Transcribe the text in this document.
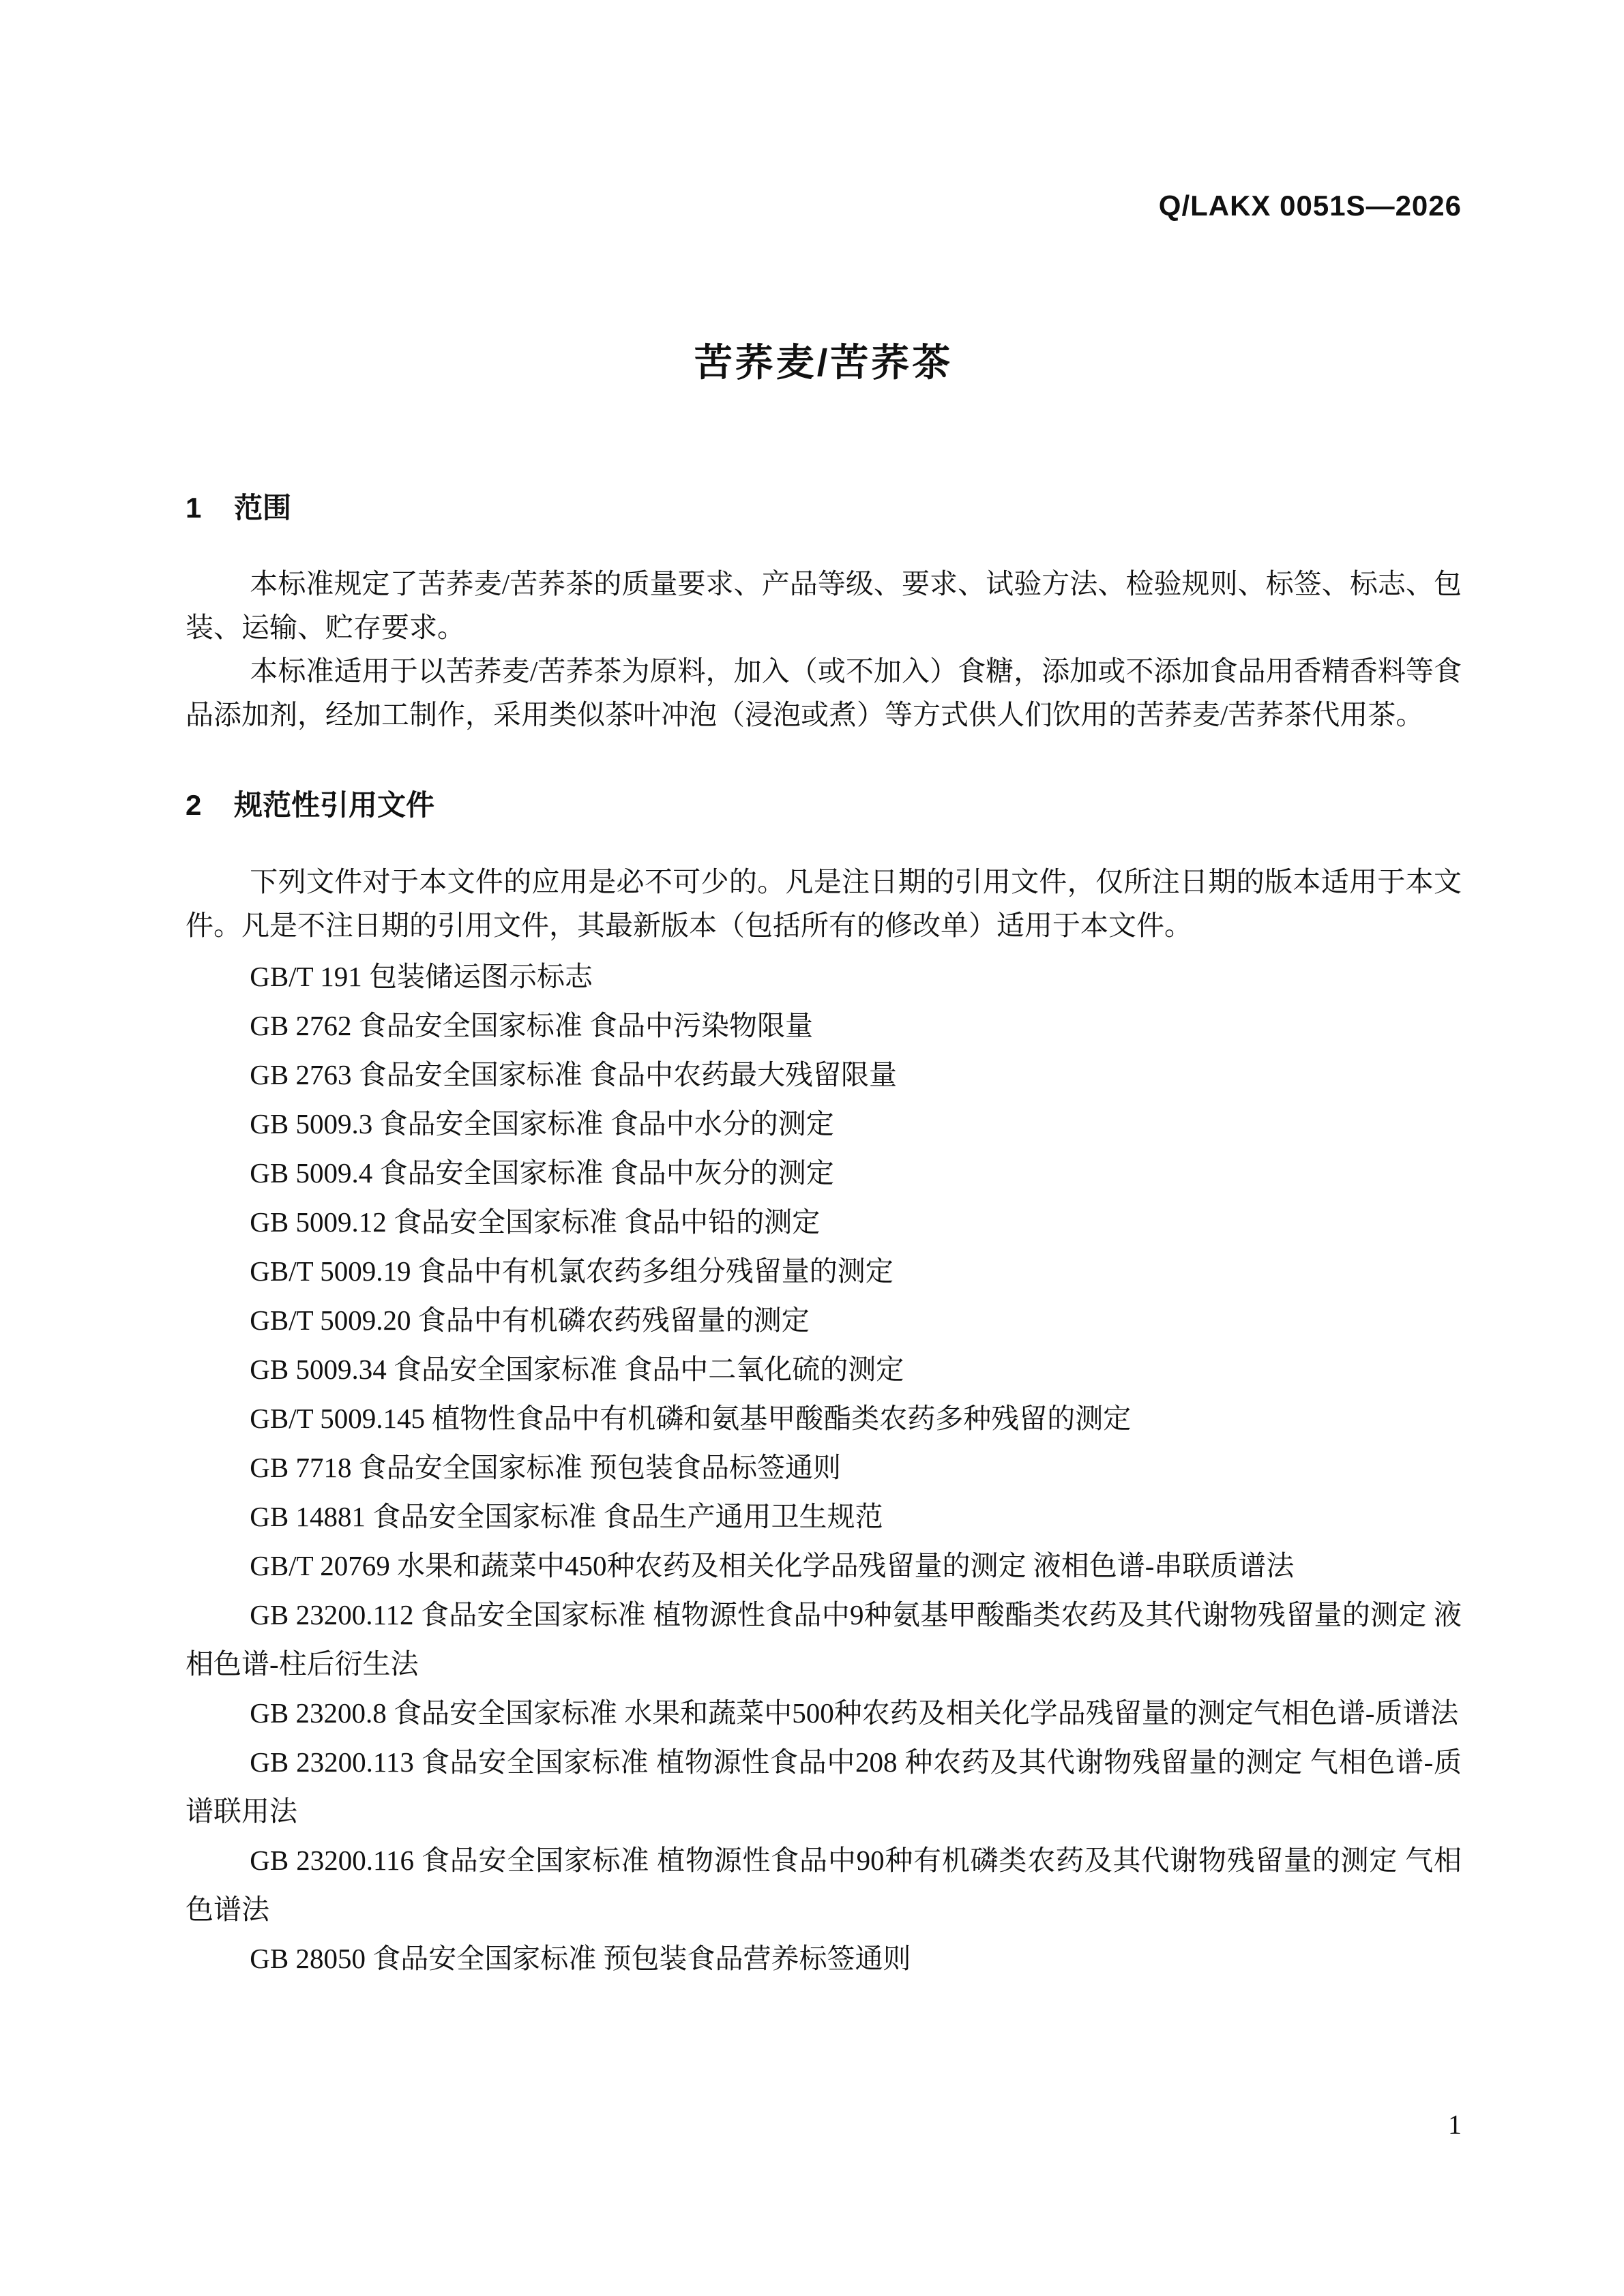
Q/LAKX 0051S—2026
苦荞麦/苦荞茶
1 范围

本标准规定了苦荞麦/苦荞茶的质量要求、产品等级、要求、试验方法、检验规则、标签、标志、包装、运输、贮存要求。

本标准适用于以苦荞麦/苦荞茶为原料，加入（或不加入）食糖，添加或不添加食品用香精香料等食品添加剂，经加工制作，采用类似茶叶冲泡（浸泡或煮）等方式供人们饮用的苦荞麦/苦荞茶代用茶。

2 规范性引用文件

下列文件对于本文件的应用是必不可少的。凡是注日期的引用文件，仅所注日期的版本适用于本文件。凡是不注日期的引用文件，其最新版本（包括所有的修改单）适用于本文件。

GB/T 191 包装储运图示标志

GB 2762 食品安全国家标准 食品中污染物限量

GB 2763 食品安全国家标准 食品中农药最大残留限量

GB 5009.3 食品安全国家标准 食品中水分的测定

GB 5009.4 食品安全国家标准 食品中灰分的测定

GB 5009.12 食品安全国家标准 食品中铅的测定

GB/T 5009.19 食品中有机氯农药多组分残留量的测定

GB/T 5009.20 食品中有机磷农药残留量的测定

GB 5009.34 食品安全国家标准 食品中二氧化硫的测定

GB/T 5009.145 植物性食品中有机磷和氨基甲酸酯类农药多种残留的测定

GB 7718 食品安全国家标准 预包装食品标签通则

GB 14881 食品安全国家标准 食品生产通用卫生规范

GB/T 20769 水果和蔬菜中450种农药及相关化学品残留量的测定 液相色谱-串联质谱法

GB 23200.112 食品安全国家标准 植物源性食品中9种氨基甲酸酯类农药及其代谢物残留量的测定 液相色谱-柱后衍生法

GB 23200.8 食品安全国家标准 水果和蔬菜中500种农药及相关化学品残留量的测定气相色谱-质谱法

GB 23200.113 食品安全国家标准 植物源性食品中208 种农药及其代谢物残留量的测定 气相色谱-质谱联用法

GB 23200.116 食品安全国家标准 植物源性食品中90种有机磷类农药及其代谢物残留量的测定 气相色谱法

GB 28050 食品安全国家标准 预包装食品营养标签通则

1
